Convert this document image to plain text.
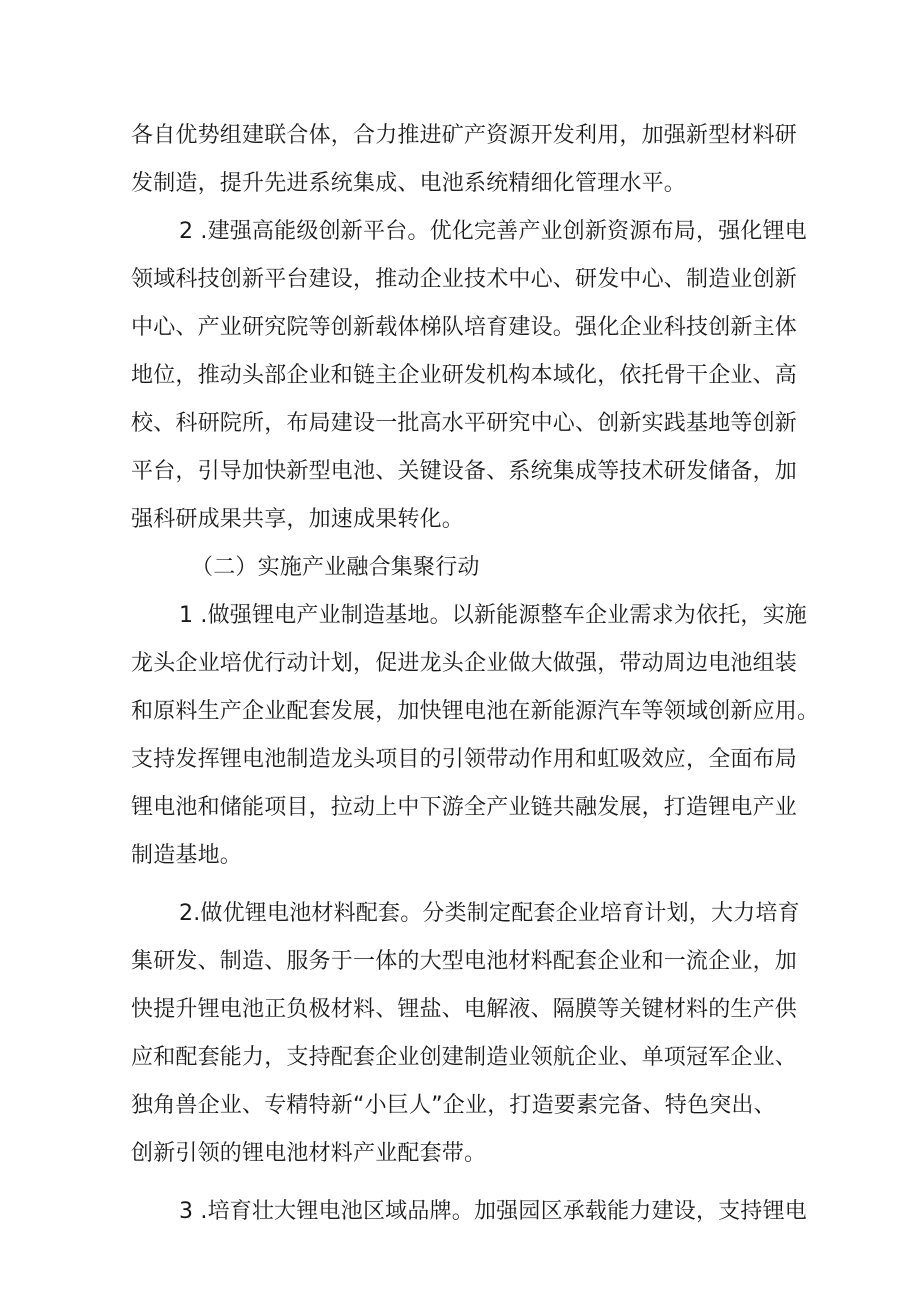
各自优势组建联合体，合力推进矿产资源开发利用，加强新型材料研
发制造，提升先进系统集成、电池系统精细化管理水平。
2 .建强高能级创新平台。优化完善产业创新资源布局，强化锂电
领域科技创新平台建设，推动企业技术中心、研发中心、制造业创新
中心、产业研究院等创新载体梯队培育建设。强化企业科技创新主体
地位，推动头部企业和链主企业研发机构本域化，依托骨干企业、高
校、科研院所，布局建设一批高水平研究中心、创新实践基地等创新
平台，引导加快新型电池、关键设备、系统集成等技术研发储备，加
强科研成果共享，加速成果转化。
（二）实施产业融合集聚行动
1 .做强锂电产业制造基地。以新能源整车企业需求为依托，实施
龙头企业培优行动计划，促进龙头企业做大做强，带动周边电池组装
和原料生产企业配套发展，加快锂电池在新能源汽车等领域创新应用。
支持发挥锂电池制造龙头项目的引领带动作用和虹吸效应，全面布局
锂电池和储能项目，拉动上中下游全产业链共融发展，打造锂电产业
制造基地。
2.做优锂电池材料配套。分类制定配套企业培育计划，大力培育
集研发、制造、服务于一体的大型电池材料配套企业和一流企业，加
快提升锂电池正负极材料、锂盐、电解液、隔膜等关键材料的生产供
应和配套能力，支持配套企业创建制造业领航企业、单项冠军企业、
独角兽企业、专精特新“小巨人”企业，打造要素完备、特色突出、
创新引领的锂电池材料产业配套带。
3 .培育壮大锂电池区域品牌。加强园区承载能力建设，支持锂电
